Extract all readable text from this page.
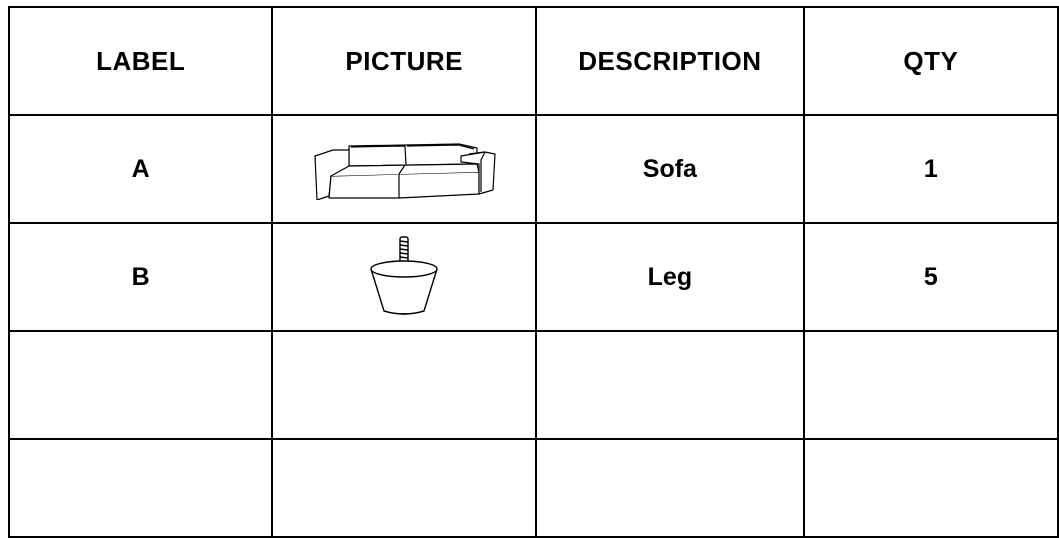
LABEL	PICTURE	DESCRIPTION	QTY
A		Sofa	1
B		Leg	5
